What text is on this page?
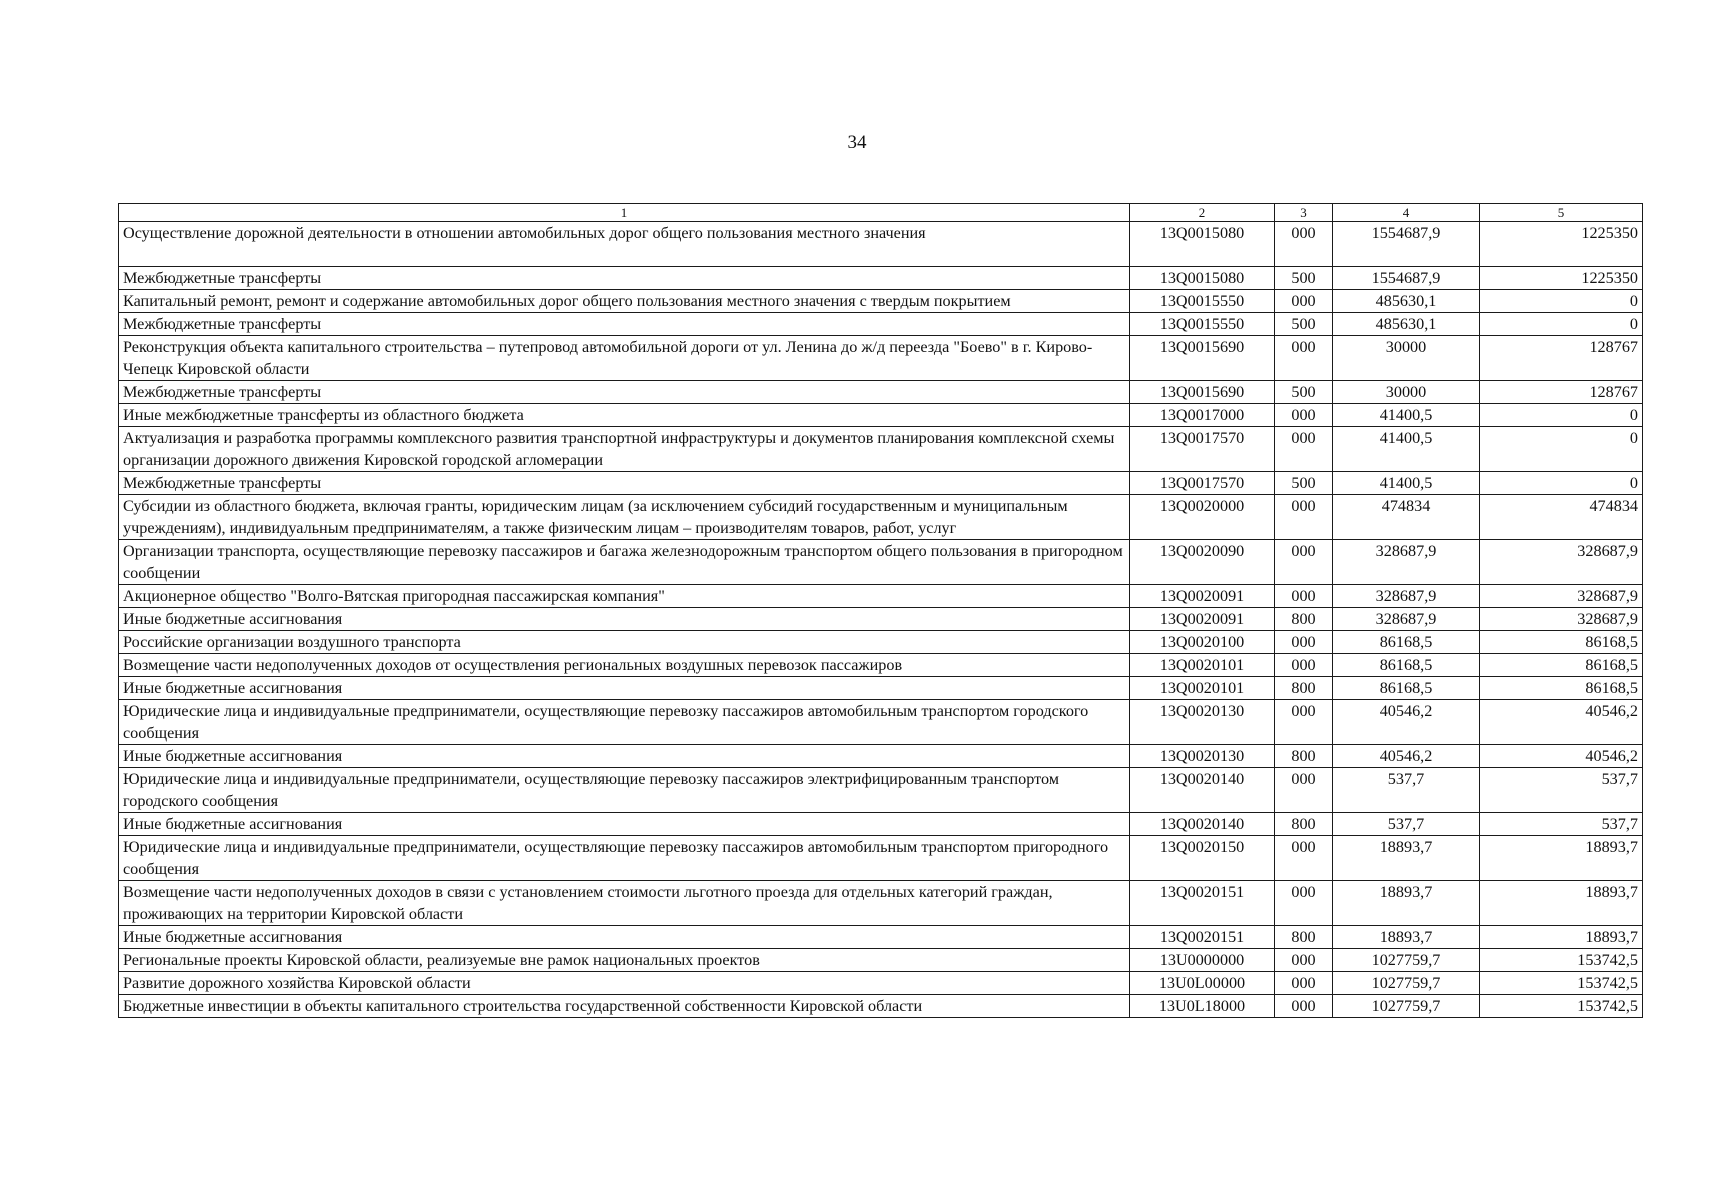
34
1	2	3	4	5
Осуществление дорожной деятельности в отношении автомобильных дорог общего пользования местного значения	13Q0015080	000	1554687,9	1225350
Межбюджетные трансферты	13Q0015080	500	1554687,9	1225350
Капитальный ремонт, ремонт и содержание автомобильных дорог общего пользования местного значения с твердым покрытием	13Q0015550	000	485630,1	0
Межбюджетные трансферты	13Q0015550	500	485630,1	0
Реконструкция объекта капитального строительства – путепровод автомобильной дороги от ул. Ленина до ж/д переезда "Боево" в г. Кирово-Чепецк Кировской области	13Q0015690	000	30000	128767
Межбюджетные трансферты	13Q0015690	500	30000	128767
Иные межбюджетные трансферты из областного бюджета	13Q0017000	000	41400,5	0
Актуализация и разработка программы комплексного развития транспортной инфраструктуры и документов планирования комплексной схемы организации дорожного движения Кировской городской агломерации	13Q0017570	000	41400,5	0
Межбюджетные трансферты	13Q0017570	500	41400,5	0
Субсидии из областного бюджета, включая гранты, юридическим лицам (за исключением субсидий государственным и муниципальным учреждениям), индивидуальным предпринимателям, а также физическим лицам – производителям товаров, работ, услуг	13Q0020000	000	474834	474834
Организации транспорта, осуществляющие перевозку пассажиров и багажа железнодорожным транспортом общего пользования в пригородном сообщении	13Q0020090	000	328687,9	328687,9
Акционерное общество "Волго-Вятская пригородная пассажирская компания"	13Q0020091	000	328687,9	328687,9
Иные бюджетные ассигнования	13Q0020091	800	328687,9	328687,9
Российские организации воздушного транспорта	13Q0020100	000	86168,5	86168,5
Возмещение части недополученных доходов от осуществления региональных воздушных перевозок пассажиров	13Q0020101	000	86168,5	86168,5
Иные бюджетные ассигнования	13Q0020101	800	86168,5	86168,5
Юридические лица и индивидуальные предприниматели, осуществляющие перевозку пассажиров автомобильным транспортом городского сообщения	13Q0020130	000	40546,2	40546,2
Иные бюджетные ассигнования	13Q0020130	800	40546,2	40546,2
Юридические лица и индивидуальные предприниматели, осуществляющие перевозку пассажиров электрифицированным транспортом городского сообщения	13Q0020140	000	537,7	537,7
Иные бюджетные ассигнования	13Q0020140	800	537,7	537,7
Юридические лица и индивидуальные предприниматели, осуществляющие перевозку пассажиров автомобильным транспортом пригородного сообщения	13Q0020150	000	18893,7	18893,7
Возмещение части недополученных доходов в связи с установлением стоимости льготного проезда для отдельных категорий граждан, проживающих на территории Кировской области	13Q0020151	000	18893,7	18893,7
Иные бюджетные ассигнования	13Q0020151	800	18893,7	18893,7
Региональные проекты Кировской области, реализуемые вне рамок национальных проектов	13U0000000	000	1027759,7	153742,5
Развитие дорожного хозяйства Кировской области	13U0L00000	000	1027759,7	153742,5
Бюджетные инвестиции в объекты капитального строительства государственной собственности Кировской области	13U0L18000	000	1027759,7	153742,5
